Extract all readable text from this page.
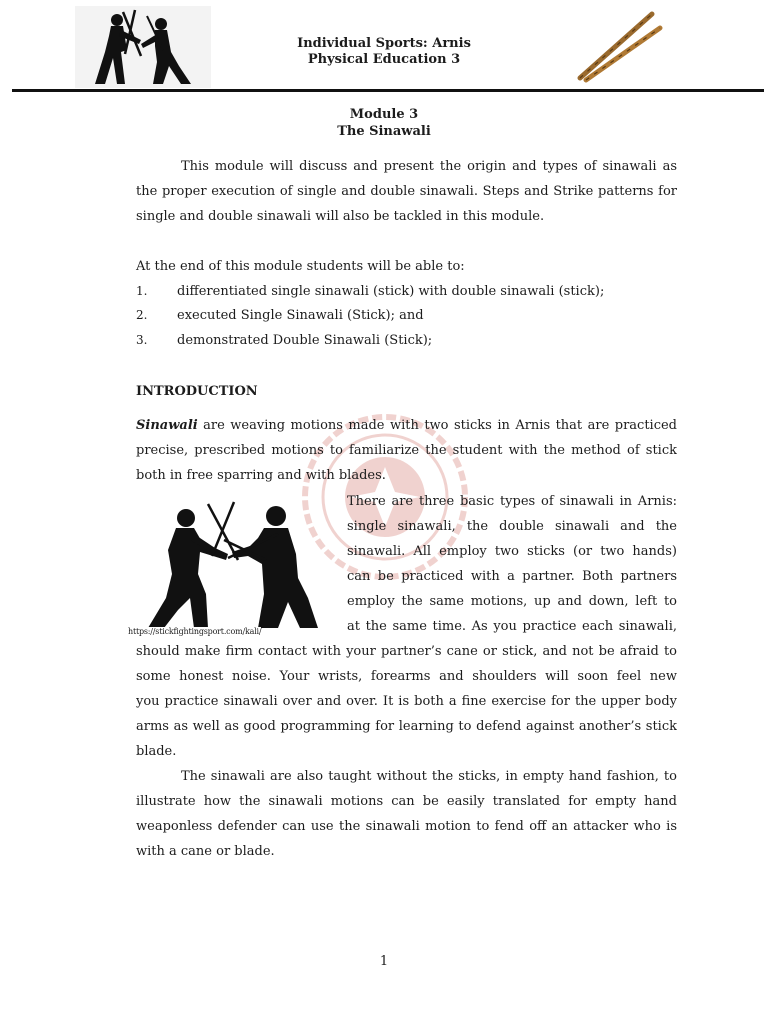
Individual Sports: Arnis
Physical Education 3
Module 3
The Sinawali
This module will discuss and present the origin and types of sinawali as
the proper execution of single and double sinawali. Steps and Strike patterns for
single and double sinawali will also be tackled in this module.
At the end of this module students will be able to:
1. differentiated single sinawali (stick) with double sinawali (stick);
2. executed Single Sinawali (Stick); and
3. demonstrated Double Sinawali (Stick);
INTRODUCTION
Sinawali are weaving motions made with two sticks in Arnis that are practiced
precise, prescribed motions to familiarize the student with the method of stick
both in free sparring and with blades.
https://stickfightingsport.com/kali/
There are three basic types of sinawali in Arnis:
single sinawali, the double sinawali and the
sinawali. All employ two sticks (or two hands)
can be practiced with a partner. Both partners
employ the same motions, up and down, left to
at the same time. As you practice each sinawali,
should make firm contact with your partner’s cane or stick, and not be afraid to
some honest noise. Your wrists, forearms and shoulders will soon feel new
you practice sinawali over and over. It is both a fine exercise for the upper body
arms as well as good programming for learning to defend against another’s stick
blade.
The sinawali are also taught without the sticks, in empty hand fashion, to
illustrate how the sinawali motions can be easily translated for empty hand
weaponless defender can use the sinawali motion to fend off an attacker who is
with a cane or blade.
1
